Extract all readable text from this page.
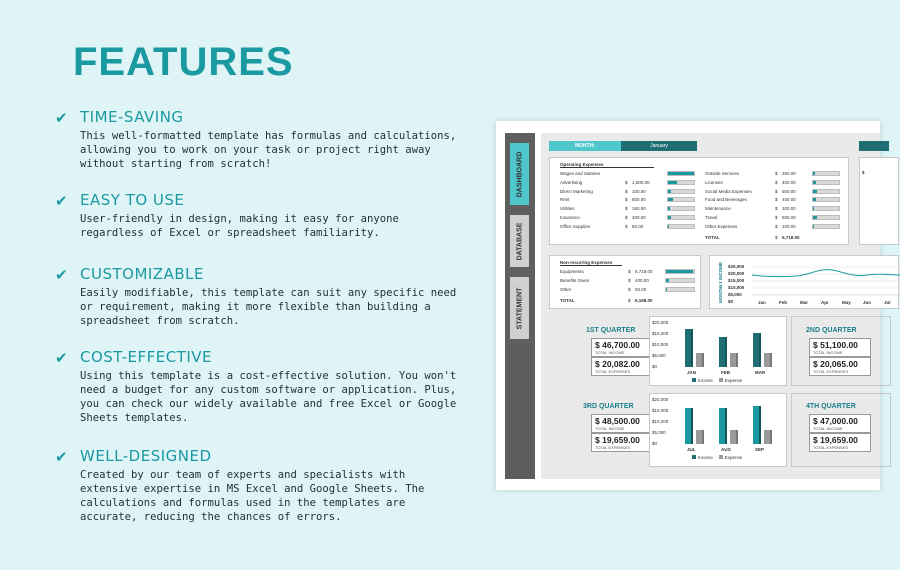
FEATURES
✔ TIME-SAVING

This well-formatted template has formulas and calculations, allowing you to work on your task or project right away without starting from scratch!

✔ EASY TO USE

User-friendly in design, making it easy for anyone regardless of Excel or spreadsheet familiarity.

✔ CUSTOMIZABLE

Easily modifiable, this template can suit any specific need or requirement, making it more flexible than building a spreadsheet from scratch.

✔ COST-EFFECTIVE

Using this template is a cost-effective solution. You won't need a budget for any custom software or application. Plus, you can check our widely available and free Excel or Google Sheets templates.

✔ WELL-DESIGNED

Created by our team of experts and specialists with extensive expertise in MS Excel and Google Sheets. The calculations and formulas used in the templates are accurate, reducing the chances of errors.

DASHBOARD
DATABASE
STATEMENT
MONTH:	January
Operating Expenses
Wages and Salaries
Advertising	$ 1,500.00
Direct Marketing	$ 100.00
Rent	$ 800.00
Utilities	$ 150.00
Insurance	$ 400.00
Office Supplies	$ 50.00
Outside Services	$ 250.00
Licenses	$ 400.00
Social Media Expenses	$ 500.00
Food and Beverages	$ 400.00
Maintenance	$ 100.00
Travel	$ 500.00
Other Expenses	$ 100.00
TOTAL	$ 5,718.00
$
Non-recurring Expenses
Equipments	$ 5,718.00
Benefits Given	$ 400.00
Other	$ 50.00
TOTAL	$ 6,168.00	MONTHLY INCOME $25,000
$20,000
$15,000
$10,000
$5,000
$0	Jan	Feb	Mar	Apr	May	Jun	Jul
1ST QUARTER
$ 46,700.00
TOTAL INCOME
$ 20,082.00
TOTAL EXPENSES
$20,000
$15,000
$10,000
$5,000
$0
JAN	FEB	MAR
Income	Expense
2ND QUARTER
$ 51,100.00
TOTAL INCOME
$ 20,065.00
TOTAL EXPENSES
3RD QUARTER
$ 48,500.00
TOTAL INCOME
$ 19,659.00
TOTAL EXPENSES
$20,000
$15,000
$10,000
$5,000
$0
JUL	AUG	SEP
Income	Expense
4TH QUARTER
$ 47,000.00
TOTAL INCOME
$ 19,659.00
TOTAL EXPENSES
